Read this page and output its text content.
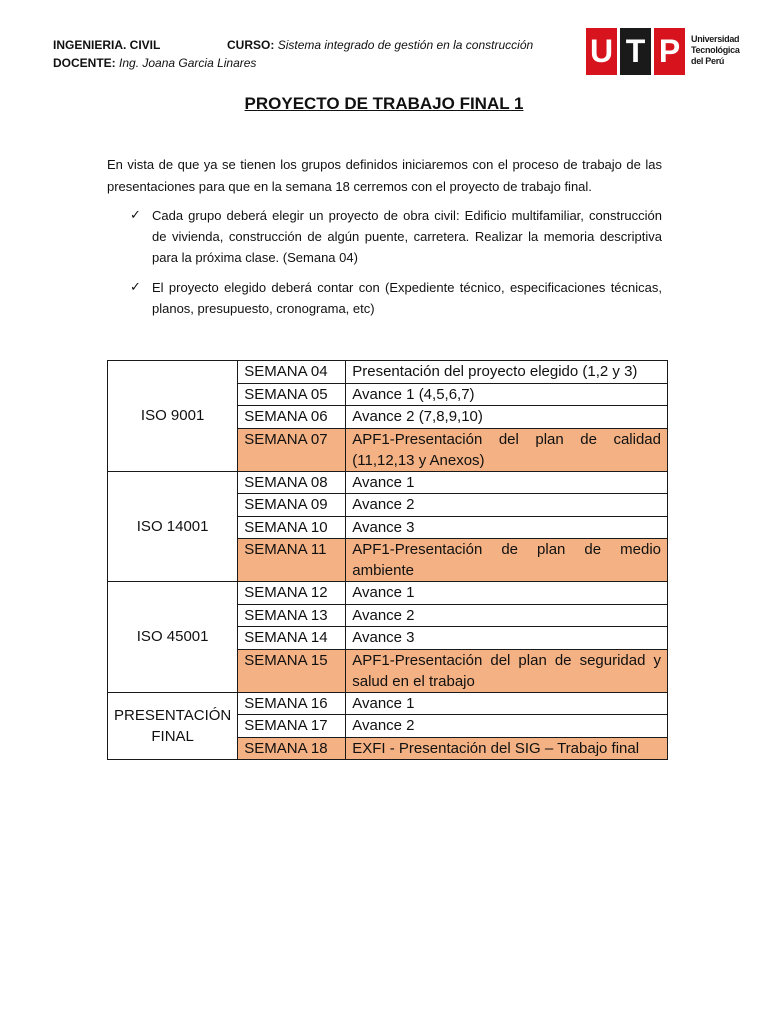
INGENIERIA. CIVIL	CURSO: Sistema integrado de gestión en la construcción
DOCENTE: Ing. Joana Garcia Linares	U T P	Universidad
Tecnológica
del Perú
PROYECTO DE TRABAJO FINAL 1
En vista de que ya se tienen los grupos definidos iniciaremos con el proceso de trabajo de las presentaciones para que en la semana 18 cerremos con el proyecto de trabajo final.
✓ Cada grupo deberá elegir un proyecto de obra civil: Edificio multifamiliar, construcción de vivienda, construcción de algún puente, carretera. Realizar la memoria descriptiva para la próxima clase. (Semana 04)
✓ El proyecto elegido deberá contar con (Expediente técnico, especificaciones técnicas, planos, presupuesto, cronograma, etc)
ISO 9001	SEMANA 04	Presentación del proyecto elegido (1,2 y 3)
	SEMANA 05	Avance 1 (4,5,6,7)
	SEMANA 06	Avance 2 (7,8,9,10)
	SEMANA 07	APF1-Presentación del plan de calidad (11,12,13 y Anexos)
ISO 14001	SEMANA 08	Avance 1
	SEMANA 09	Avance 2
	SEMANA 10	Avance 3
	SEMANA 11	APF1-Presentación de plan de medio ambiente
ISO 45001	SEMANA 12	Avance 1
	SEMANA 13	Avance 2
	SEMANA 14	Avance 3
	SEMANA 15	APF1-Presentación del plan de seguridad y salud en el trabajo
PRESENTACIÓN FINAL	SEMANA 16	Avance 1
	SEMANA 17	Avance 2
	SEMANA 18	EXFI - Presentación del SIG – Trabajo final
